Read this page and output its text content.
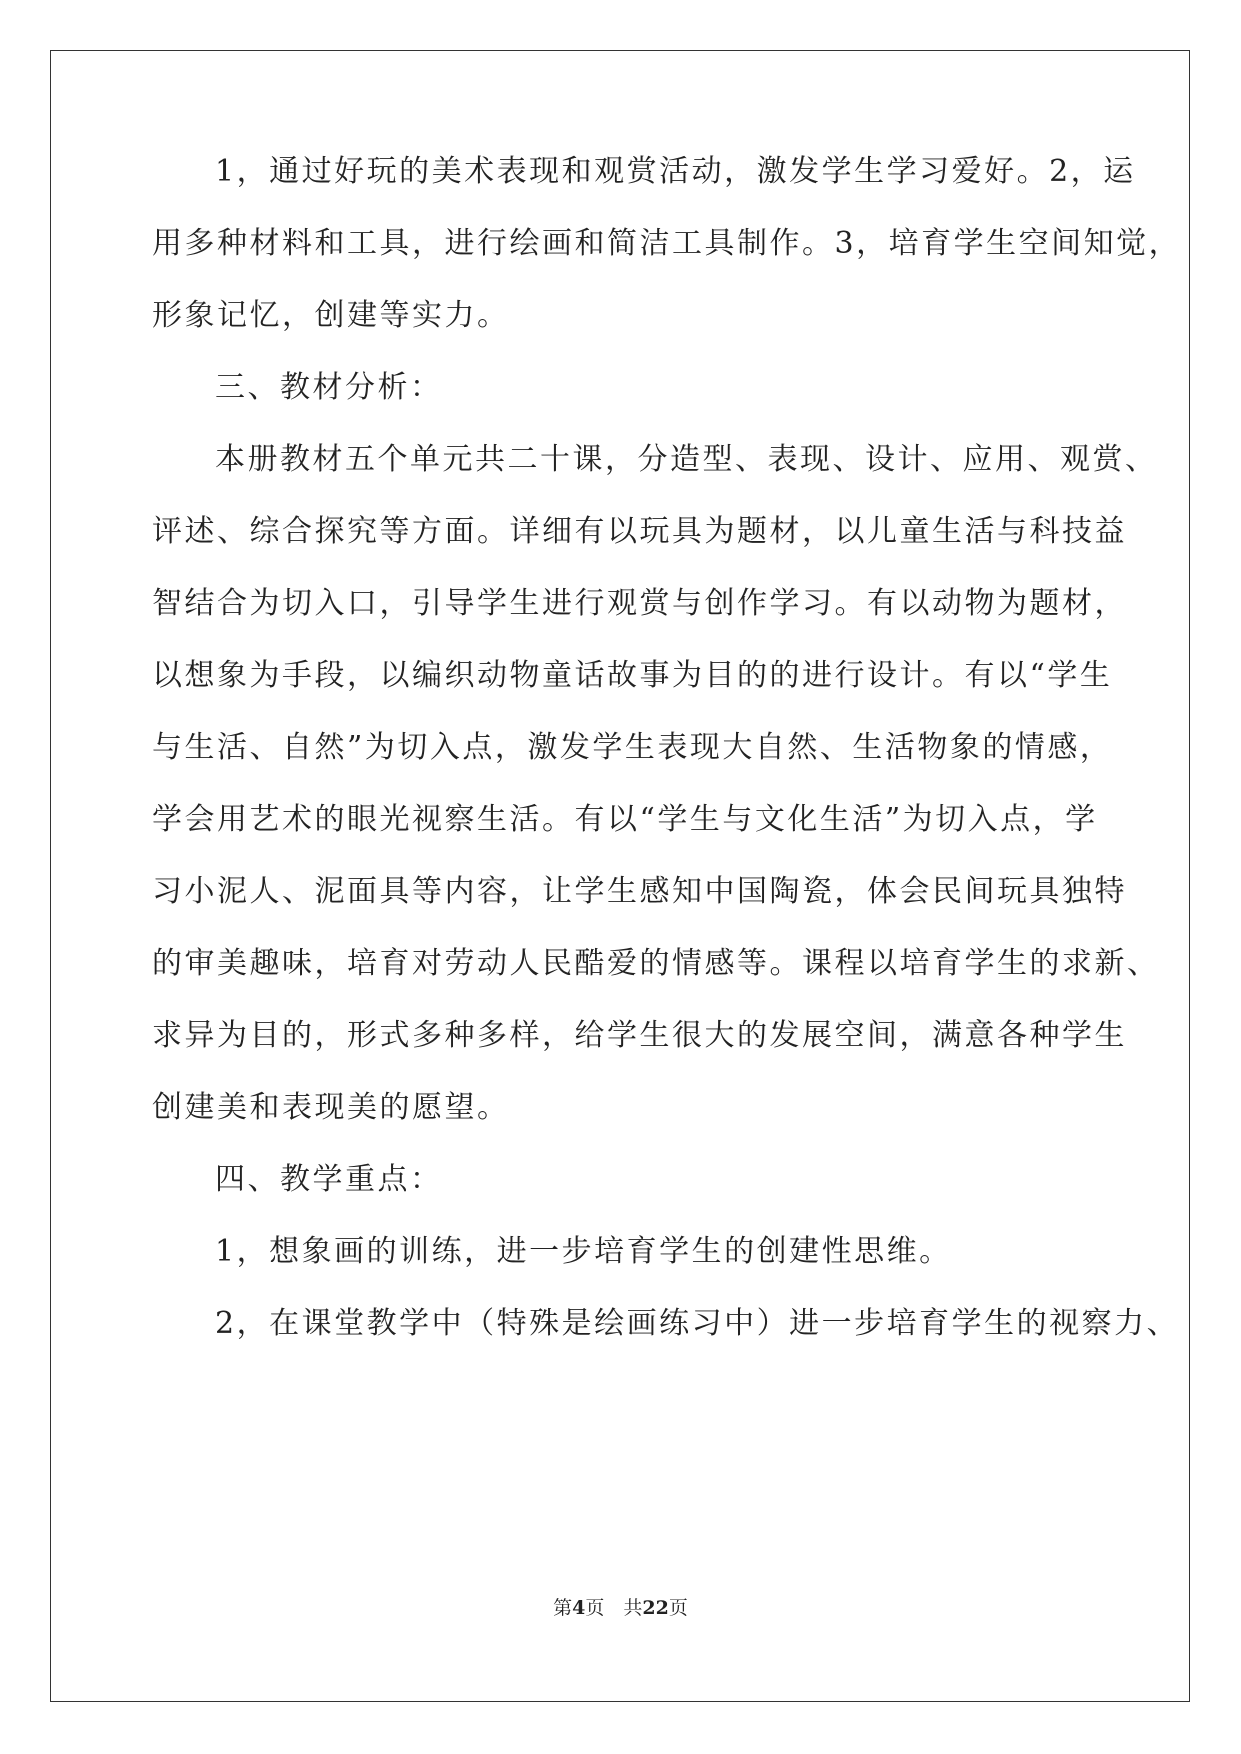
1，通过好玩的美术表现和观赏活动，激发学生学习爱好。2，运
用多种材料和工具，进行绘画和简洁工具制作。3，培育学生空间知觉，
形象记忆，创建等实力。
三、教材分析：
本册教材五个单元共二十课，分造型、表现、设计、应用、观赏、
评述、综合探究等方面。详细有以玩具为题材，以儿童生活与科技益
智结合为切入口，引导学生进行观赏与创作学习。有以动物为题材，
以想象为手段，以编织动物童话故事为目的的进行设计。有以“学生
与生活、自然”为切入点，激发学生表现大自然、生活物象的情感，
学会用艺术的眼光视察生活。有以“学生与文化生活”为切入点，学
习小泥人、泥面具等内容，让学生感知中国陶瓷，体会民间玩具独特
的审美趣味，培育对劳动人民酷爱的情感等。课程以培育学生的求新、
求异为目的，形式多种多样，给学生很大的发展空间，满意各种学生
创建美和表现美的愿望。
四、教学重点：
1，想象画的训练，进一步培育学生的创建性思维。
2，在课堂教学中（特殊是绘画练习中）进一步培育学生的视察力、
第4页　共22页
